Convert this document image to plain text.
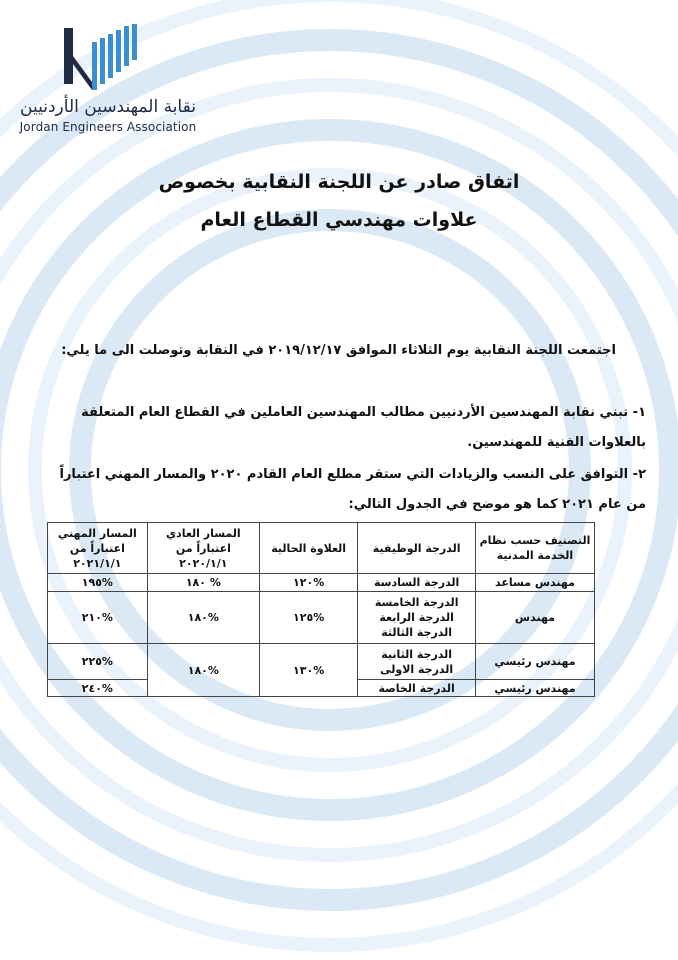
نقابة المهندسين الأردنيين
Jordan Engineers Association
اتفاق صادر عن اللجنة النقابية بخصوص
علاوات مهندسي القطاع العام
اجتمعت اللجنة النقابية يوم الثلاثاء الموافق ٢٠١٩/١٢/١٧ في النقابة وتوصلت الى ما يلي:
١- تبني نقابة المهندسين الأردنيين مطالب المهندسين العاملين في القطاع العام المتعلقة بالعلاوات الفنية للمهندسين.
٢- التوافق على النسب والزيادات التي ستقر مطلع العام القادم ٢٠٢٠ والمسار المهني اعتباراً من عام ٢٠٢١ كما هو موضح في الجدول التالي:
التصنيف حسب نظام الخدمة المدنية	الدرجة الوظيفية	العلاوة الحالية	المسار العادي اعتباراً من ٢٠٢٠/١/١	المسار المهني اعتباراً من ٢٠٢١/١/١
مهندس مساعد	الدرجة السادسة	١٢٠%	١٨٠ %	١٩٥%
مهندس	الدرجة الخامسة
الدرجة الرابعة
الدرجة الثالثة	١٢٥%	١٨٠%	٢١٠%
مهندس رئيسي	الدرجة الثانية
الدرجة الاولى	١٣٠%	١٨٠%	٢٢٥%
مهندس رئيسي	الدرجة الخاصة			٢٤٠%
